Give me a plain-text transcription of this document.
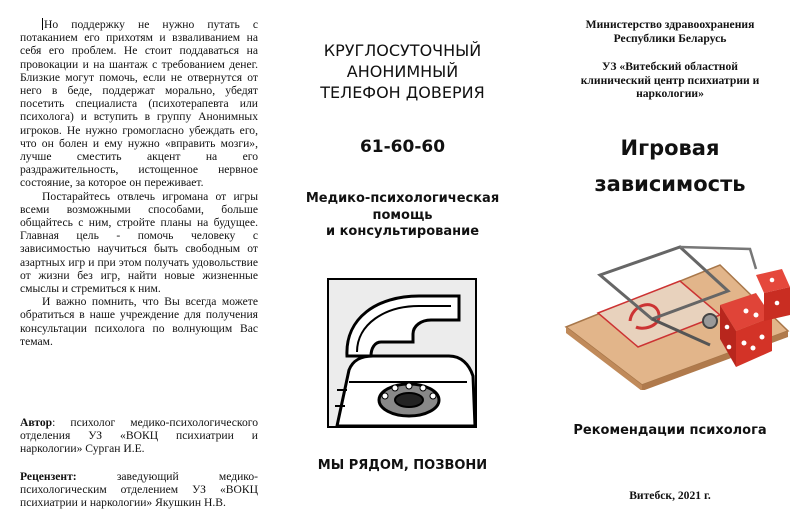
Но поддержку не нужно путать с потаканием его прихотям и взваливанием на себя его проблем. Не стоит поддаваться на провокации и на шантаж с требованием денег. Близкие могут помочь, если не отвернутся от него в беде, поддержат морально, убедят посетить специалиста (психотерапевта или психолога) и вступить в группу Анонимных игроков. Не нужно громогласно убеждать его, что он болен и ему нужно «вправить мозги», лучше сместить акцент на его раздражительность, истощенное нервное состояние, за которое он переживает.

Постарайтесь отвлечь игромана от игры всеми возможными способами, больше общайтесь с ним, стройте планы на будущее. Главная цель - помочь человеку с зависимостью научиться быть свободным от азартных игр и при этом получать удовольствие от жизни без игр, найти новые жизненные смыслы и стремиться к ним.

И важно помнить, что Вы всегда можете обратиться в наше учреждение для получения консультации психолога по волнующим Вас темам.

Автор: психолог медико-психологического отделения УЗ «ВОКЦ психиатрии и наркологии» Сурган И.Е.
Рецензент: заведующий медико-психологическим отделением УЗ «ВОКЦ психиатрии и наркологии» Якушкин Н.В.
КРУГЛОСУТОЧНЫЙ
АНОНИМНЫЙ
ТЕЛЕФОН ДОВЕРИЯ
61-60-60
Медико-психологическая
помощь
и консультирование
МЫ РЯДОМ, ПОЗВОНИ
Министерство здравоохранения
Республики Беларусь
УЗ «Витебский областной
клинический центр психиатрии и
наркологии»
Игровая
зависимость
Рекомендации психолога
Витебск, 2021 г.
